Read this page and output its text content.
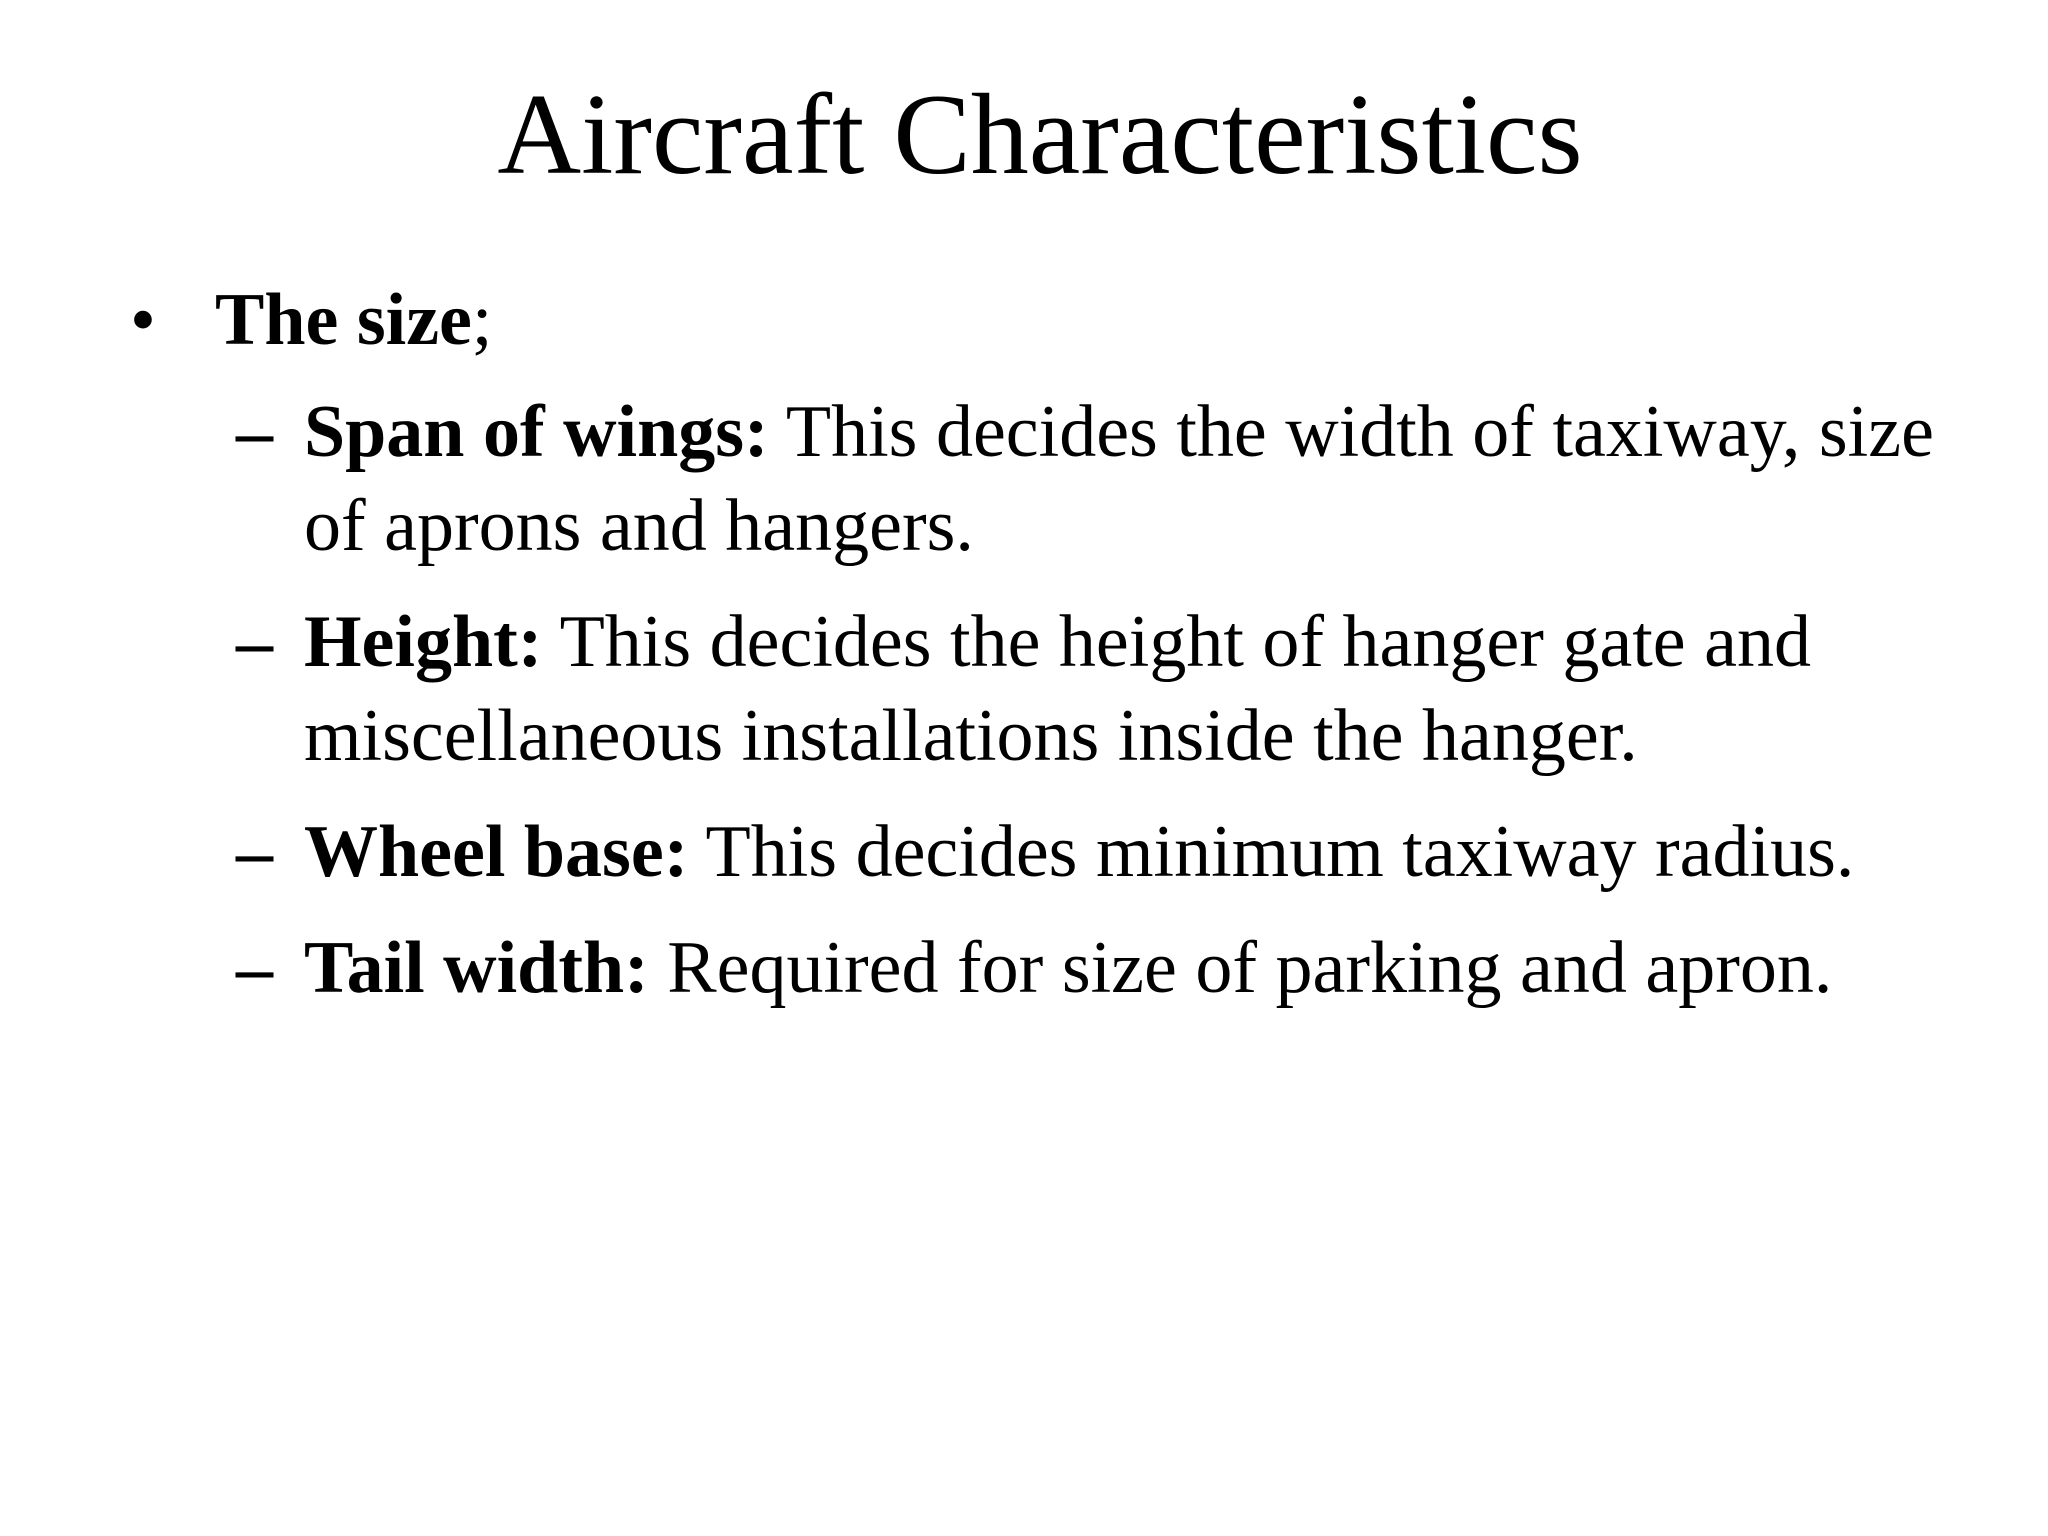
Aircraft Characteristics
• The size;
– Span of wings: This decides the width of taxiway, size of aprons and hangers.
– Height: This decides the height of hanger gate and miscellaneous installations inside the hanger.
– Wheel base: This decides minimum taxiway radius.
– Tail width: Required for size of parking and apron.
